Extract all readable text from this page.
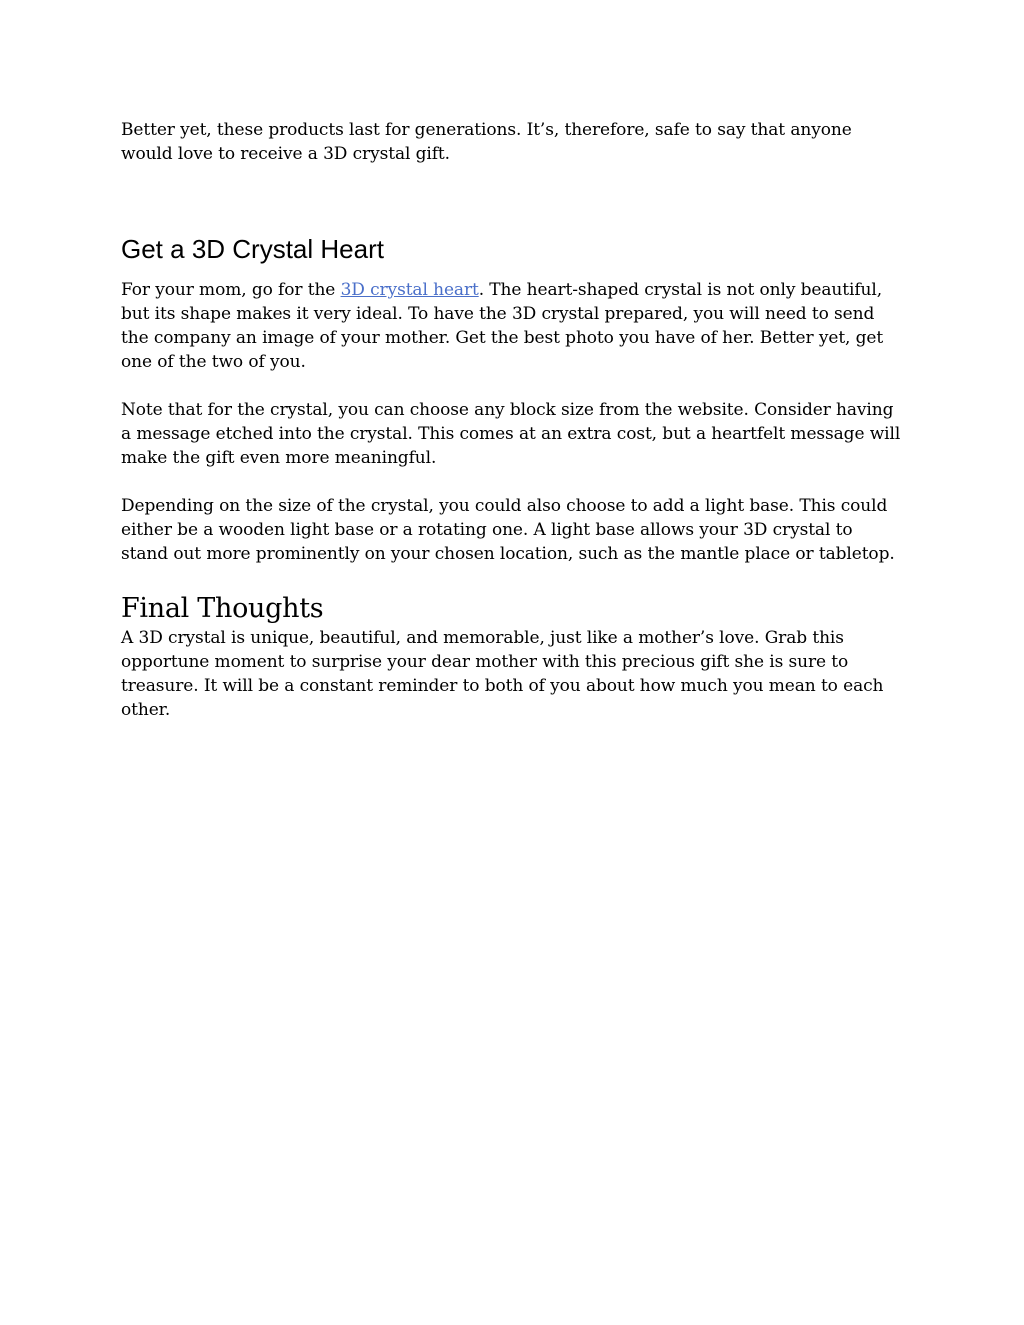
Better yet, these products last for generations. It’s, therefore, safe to say that anyone would love to receive a 3D crystal gift.

Get a 3D Crystal Heart

For your mom, go for the 3D crystal heart. The heart-shaped crystal is not only beautiful, but its shape makes it very ideal. To have the 3D crystal prepared, you will need to send the company an image of your mother. Get the best photo you have of her. Better yet, get one of the two of you.

Note that for the crystal, you can choose any block size from the website. Consider having a message etched into the crystal. This comes at an extra cost, but a heartfelt message will make the gift even more meaningful.

Depending on the size of the crystal, you could also choose to add a light base. This could either be a wooden light base or a rotating one. A light base allows your 3D crystal to stand out more prominently on your chosen location, such as the mantle place or tabletop.

Final Thoughts

A 3D crystal is unique, beautiful, and memorable, just like a mother’s love. Grab this opportune moment to surprise your dear mother with this precious gift she is sure to treasure. It will be a constant reminder to both of you about how much you mean to each other.
